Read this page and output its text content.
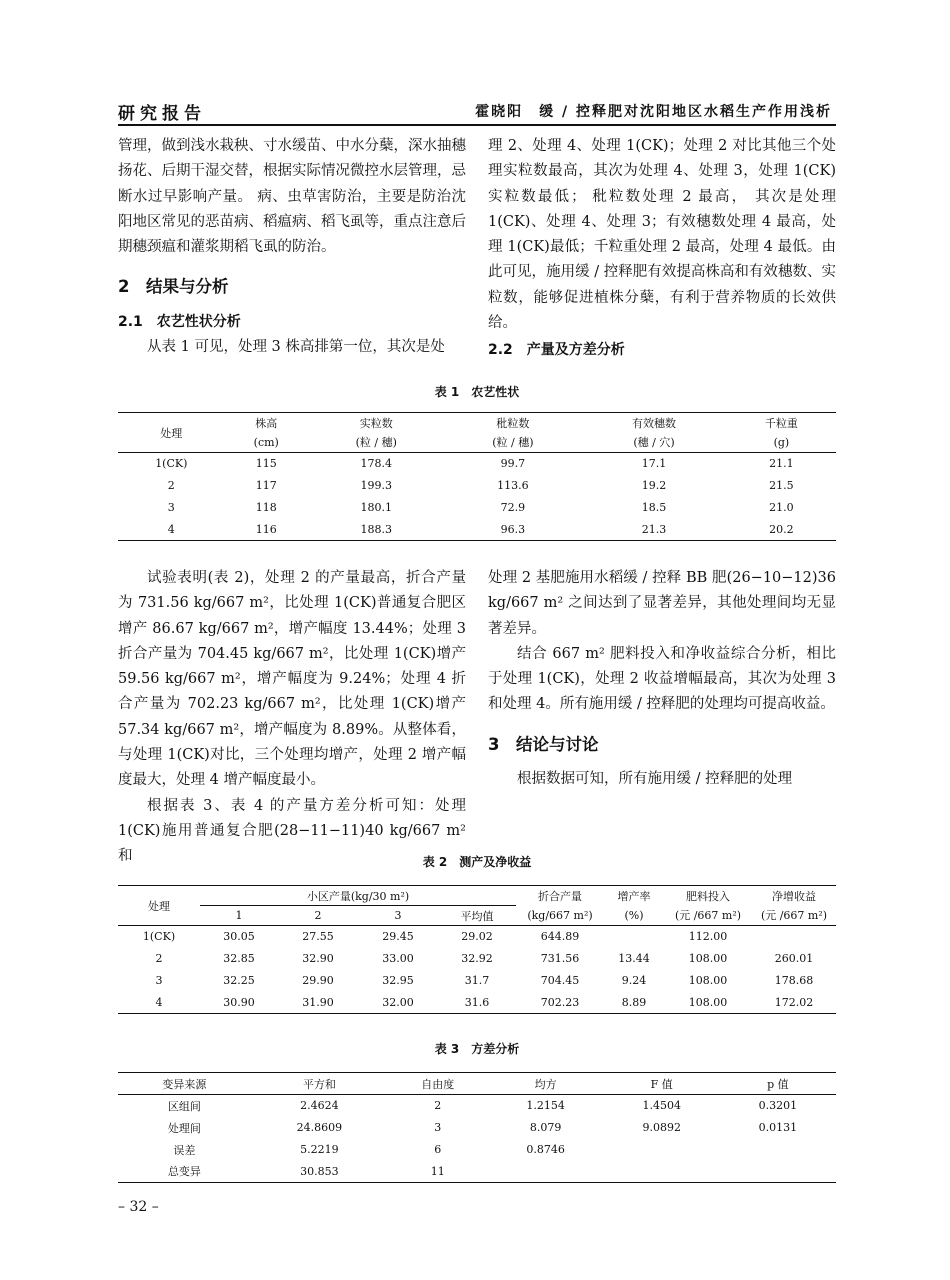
研究报告	霍晓阳　缓 / 控释肥对沈阳地区水稻生产作用浅析

管理，做到浅水栽秧、寸水缓苗、中水分蘖，深水抽穗扬花、后期干湿交替，根据实际情况微控水层管理，忌断水过早影响产量。 病、虫草害防治，主要是防治沈阳地区常见的恶苗病、稻瘟病、稻飞虱等，重点注意后期穗颈瘟和灌浆期稻飞虱的防治。

2　结果与分析

2.1　农艺性状分析

从表 1 可见，处理 3 株高排第一位，其次是处

理 2、处理 4、处理 1(CK)；处理 2 对比其他三个处理实粒数最高，其次为处理 4、处理 3，处理 1(CK)实粒数最低； 秕粒数处理 2 最高， 其次是处理 1(CK)、处理 4、处理 3；有效穗数处理 4 最高，处理 1(CK)最低；千粒重处理 2 最高，处理 4 最低。由此可见，施用缓 / 控释肥有效提高株高和有效穗数、实粒数，能够促进植株分蘖，有利于营养物质的长效供给。

2.2　产量及方差分析

表 1　农艺性状
处理	株高	实粒数	秕粒数	有效穗数	千粒重
	(cm)	(粒 / 穗)	(粒 / 穗)	(穗 / 穴)	(g)
1(CK)	115	178.4	99.7	17.1	21.1
2	117	199.3	113.6	19.2	21.5
3	118	180.1	72.9	18.5	21.0
4	116	188.3	96.3	21.3	20.2

试验表明(表 2)，处理 2 的产量最高，折合产量为 731.56 kg/667 m²，比处理 1(CK)普通复合肥区增产 86.67 kg/667 m²，增产幅度 13.44%；处理 3 折合产量为 704.45 kg/667 m²，比处理 1(CK)增产 59.56 kg/667 m²，增产幅度为 9.24%；处理 4 折合产量为 702.23 kg/667 m²，比处理 1(CK)增产 57.34 kg/667 m²，增产幅度为 8.89%。从整体看，与处理 1(CK)对比，三个处理均增产，处理 2 增产幅度最大，处理 4 增产幅度最小。

根据表 3、表 4 的产量方差分析可知：处理 1(CK)施用普通复合肥(28−11−11)40 kg/667 m² 和

处理 2 基肥施用水稻缓 / 控释 BB 肥(26−10−12)36 kg/667 m² 之间达到了显著差异，其他处理间均无显著差异。

结合 667 m² 肥料投入和净收益综合分析，相比于处理 1(CK)，处理 2 收益增幅最高，其次为处理 3 和处理 4。所有施用缓 / 控释肥的处理均可提高收益。

3　结论与讨论

根据数据可知，所有施用缓 / 控释肥的处理

表 2　测产及净收益
处理	小区产量(kg/30 m²)				折合产量	增产率	肥料投入	净增收益
	1	2	3	平均值	(kg/667 m²)	(%)	(元 /667 m²)	(元 /667 m²)
1(CK)	30.05	27.55	29.45	29.02	644.89		112.00	
2	32.85	32.90	33.00	32.92	731.56	13.44	108.00	260.01
3	32.25	29.90	32.95	31.7	704.45	9.24	108.00	178.68
4	30.90	31.90	32.00	31.6	702.23	8.89	108.00	172.02
表 3　方差分析
变异来源	平方和	自由度	均方	F 值	p 值
区组间	2.4624	2	1.2154	1.4504	0.3201
处理间	24.8609	3	8.079	9.0892	0.0131
误差	5.2219	6	0.8746		
总变异	30.853	11			
– 32 –
